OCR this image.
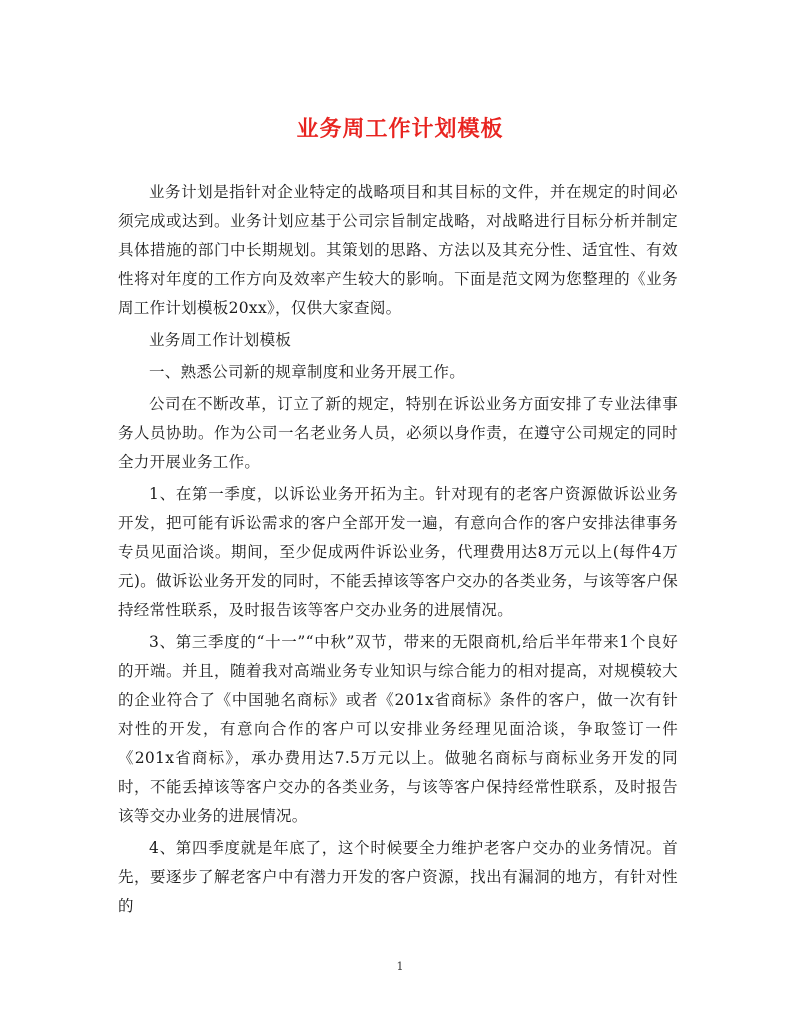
业务周工作计划模板

业务计划是指针对企业特定的战略项目和其目标的文件，并在规定的时间必须完成或达到。业务计划应基于公司宗旨制定战略，对战略进行目标分析并制定具体措施的部门中长期规划。其策划的思路、方法以及其充分性、适宜性、有效性将对年度的工作方向及效率产生较大的影响。下面是范文网为您整理的《业务周工作计划模板20xx》，仅供大家查阅。

业务周工作计划模板

一、熟悉公司新的规章制度和业务开展工作。

公司在不断改革，订立了新的规定，特别在诉讼业务方面安排了专业法律事务人员协助。作为公司一名老业务人员，必须以身作责，在遵守公司规定的同时全力开展业务工作。

1、在第一季度，以诉讼业务开拓为主。针对现有的老客户资源做诉讼业务开发，把可能有诉讼需求的客户全部开发一遍，有意向合作的客户安排法律事务专员见面洽谈。期间，至少促成两件诉讼业务，代理费用达8万元以上(每件4万元)。做诉讼业务开发的同时，不能丢掉该等客户交办的各类业务，与该等客户保持经常性联系，及时报告该等客户交办业务的进展情况。

3、第三季度的“十一”“中秋”双节，带来的无限商机,给后半年带来1个良好的开端。并且，随着我对高端业务专业知识与综合能力的相对提高，对规模较大的企业符合了《中国驰名商标》或者《201x省商标》条件的客户，做一次有针对性的开发，有意向合作的客户可以安排业务经理见面洽谈，争取签订一件《201x省商标》，承办费用达7.5万元以上。做驰名商标与商标业务开发的同时，不能丢掉该等客户交办的各类业务，与该等客户保持经常性联系，及时报告该等交办业务的进展情况。

4、第四季度就是年底了，这个时候要全力维护老客户交办的业务情况。首先，要逐步了解老客户中有潜力开发的客户资源，找出有漏洞的地方，有针对性的

1
